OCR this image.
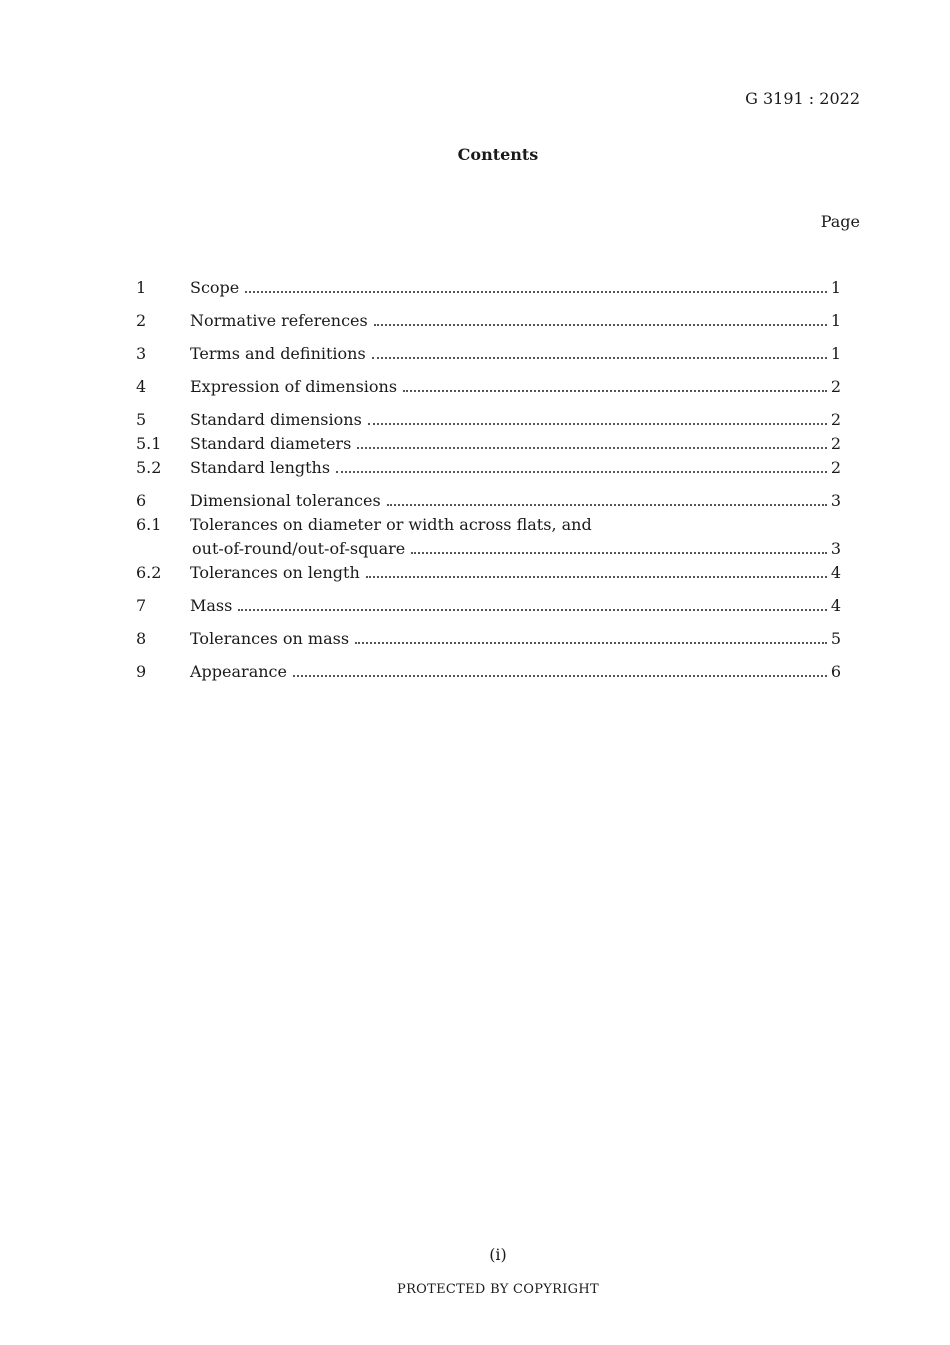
G 3191 : 2022
Contents
Page
1	Scope	1
2	Normative references	1
3	Terms and definitions	1
4	Expression of dimensions	2
5	Standard dimensions	2
5.1	Standard diameters	2
5.2	Standard lengths	2
6	Dimensional tolerances	3
6.1	Tolerances on diameter or width across flats, and
out-of-round/out-of-square	3
6.2	Tolerances on length	4
7	Mass	4
8	Tolerances on mass	5
9	Appearance	6
(i)
PROTECTED BY COPYRIGHT
